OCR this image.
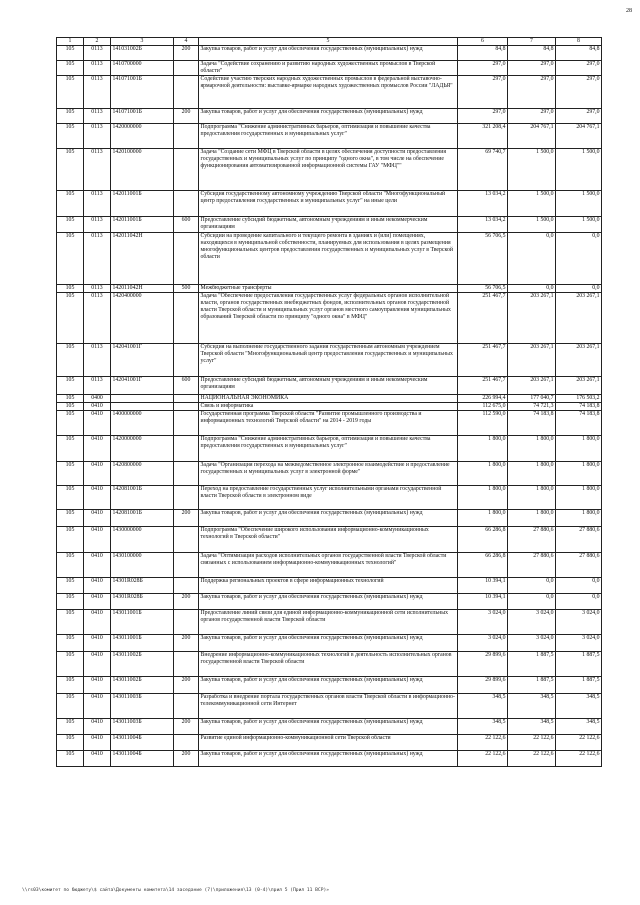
28
1	2	3	4	5	6	7	8
105	0113	141031002Б	200	Закупка товаров, работ и услуг для обеспечения государственных (муниципальных) нужд	84,8	84,8	84,8
105	0113	1410700000		Задача "Содействие сохранению и развитию народных художественных промыслов в Тверской области"	297,0	297,0	297,0
105	0113	141071001Б		Содействие участию тверских народных художественных промыслов в федеральной выставочно-ярмарочной деятельности: выставке-ярмарке народных художественных промыслов России "ЛАДЬЯ"	297,0	297,0	297,0
105	0113	141071001Б	200	Закупка товаров, работ и услуг для обеспечения государственных (муниципальных) нужд	297,0	297,0	297,0
105	0113	1420000000		Подпрограмма "Снижение административных барьеров, оптимизация и повышение качества предоставления государственных и муниципальных услуг"	321 208,4	204 767,1	204 767,1
105	0113	1420100000		Задача "Создание сети МФЦ в Тверской области в целях обеспечения доступности предоставления государственных и муниципальных услуг по принципу "одного окна", в том числе на обеспечение функционирования автоматизированной информационной системы ГАУ "МФЦ""	69 740,7	1 500,0	1 500,0
105	0113	142011001Б		Субсидия государственному автономному учреждению Тверской области "Многофункциональный центр предоставления государственных и муниципальных услуг" на иные цели	13 034,2	1 500,0	1 500,0
105	0113	142011001Б	600	Предоставление субсидий бюджетным, автономным учреждениям и иным некоммерческим организациям	13 034,2	1 500,0	1 500,0
105	0113	142011042Н		Субсидии на проведение капитального и текущего ремонта в зданиях и (или) помещениях, находящихся в муниципальной собственности, планируемых для использования в целях размещения многофункциональных центров предоставления государственных и муниципальных услуг в Тверской области	56 706,5	0,0	0,0
105	0113	142011042Н	500	Межбюджетные трансферты	56 706,5	0,0	0,0
105	0113	1420400000		Задача "Обеспечение предоставления государственных услуг федеральных органов исполнительной власти, органов государственных внебюджетных фондов, исполнительных органов государственной власти Тверской области и муниципальных услуг органов местного самоуправления муниципальных образований Тверской области по принципу "одного окна" в МФЦ"	251 467,7	203 267,1	203 267,1
105	0113	142041001Г		Субсидия на выполнение государственного задания государственным автономным учреждением Тверской области "Многофункциональный центр предоставления государственных и муниципальных услуг"	251 467,7	203 267,1	203 267,1
105	0113	142041001Г	600	Предоставление субсидий бюджетным, автономным учреждениям и иным некоммерческим организациям	251 467,7	203 267,1	203 267,1
105	0400			НАЦИОНАЛЬНАЯ ЭКОНОМИКА	226 994,4	177 040,7	176 503,2
105	0410			Связь и информатика	112 675,0	74 721,3	74 183,8
105	0410	1400000000		Государственная программа Тверской области "Развитие промышленного производства и информационных технологий Тверской области" на 2014 - 2019 годы	112 590,0	74 183,8	74 183,8
105	0410	1420000000		Подпрограмма "Снижение административных барьеров, оптимизация и повышение качества предоставления государственных и муниципальных услуг"	1 800,0	1 800,0	1 800,0
105	0410	1420800000		Задача "Организация перехода на межведомственное электронное взаимодействие и предоставление государственных и муниципальных услуг в электронной форме"	1 800,0	1 800,0	1 800,0
105	0410	142081001Б		Переход на предоставление государственных услуг исполнительными органами государственной власти Тверской области в электронном виде	1 800,0	1 800,0	1 800,0
105	0410	142081001Б	200	Закупка товаров, работ и услуг для обеспечения государственных (муниципальных) нужд	1 800,0	1 800,0	1 800,0
105	0410	1430000000		Подпрограмма "Обеспечение широкого использования информационно-коммуникационных технологий в Тверской области"	66 286,8	27 880,6	27 880,6
105	0410	1430100000		Задача "Оптимизация расходов исполнительных органов государственной власти Тверской области связанных с использованием информационно-коммуникационных технологий"	66 286,8	27 880,6	27 880,6
105	0410	14301R028Б		Поддержка региональных проектов в сфере информационных технологий	10 394,1	0,0	0,0
105	0410	14301R028Б	200	Закупка товаров, работ и услуг для обеспечения государственных (муниципальных) нужд	10 394,1	0,0	0,0
105	0410	143011001Б		Предоставление линий связи для единой информационно-коммуникационной сети исполнительных органов государственной власти Тверской области	3 024,0	3 024,0	3 024,0
105	0410	143011001Б	200	Закупка товаров, работ и услуг для обеспечения государственных (муниципальных) нужд	3 024,0	3 024,0	3 024,0
105	0410	143011002Б		Внедрение информационно-коммуникационных технологий в деятельность исполнительных органов государственной власти Тверской области	29 899,6	1 887,5	1 887,5
105	0410	143011002Б	200	Закупка товаров, работ и услуг для обеспечения государственных (муниципальных) нужд	29 899,6	1 887,5	1 887,5
105	0410	143011003Б		Разработка и внедрение портала государственных органов власти Тверской области в информационно-телекоммуникационной сети Интернет	348,5	348,5	348,5
105	0410	143011003Б	200	Закупка товаров, работ и услуг для обеспечения государственных (муниципальных) нужд	348,5	348,5	348,5
105	0410	143011004Б		Развитие единой информационно-коммуникационной сети Тверской области	22 122,6	22 122,6	22 122,6
105	0410	143011004Б	200	Закупка товаров, работ и услуг для обеспечения государственных (муниципальных) нужд	22 122,6	22 122,6	22 122,6
\\rs03\комитет по бюджету\$ сайта\Документы комитета\14 заседание (7)\приложения\13 (0-4)\прил 5 (Прил 11 ВСР)»
